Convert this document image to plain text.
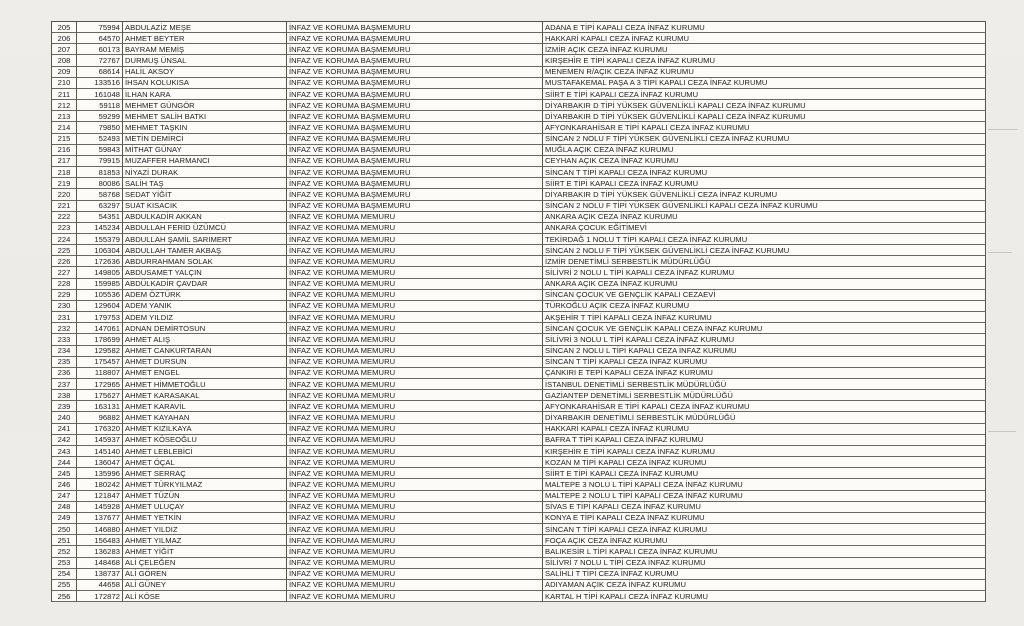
205	75994 ABDULAZİZ MEŞE	İNFAZ VE KORUMA BAŞMEMURU	ADANA E TİPİ KAPALI CEZA İNFAZ KURUMU
206	64570 AHMET BEYTER	İNFAZ VE KORUMA BAŞMEMURU	HAKKARİ KAPALI CEZA İNFAZ KURUMU
207	60173 BAYRAM MEMİŞ	İNFAZ VE KORUMA BAŞMEMURU	İZMİR AÇIK CEZA İNFAZ KURUMU
208	72767 DURMUŞ ÜNSAL	İNFAZ VE KORUMA BAŞMEMURU	KIRŞEHİR E TİPİ KAPALI CEZA İNFAZ KURUMU
209	68614 HALİL AKSOY	İNFAZ VE KORUMA BAŞMEMURU	MENEMEN R/AÇIK CEZA İNFAZ KURUMU
210	133516 İHSAN KOLUKISA	İNFAZ VE KORUMA BAŞMEMURU	MUSTAFAKEMAL PAŞA A 3 TİPİ KAPALI CEZA İNFAZ KURUMU
211	161048 İLHAN KARA	İNFAZ VE KORUMA BAŞMEMURU	SİİRT E TİPİ KAPALI CEZA İNFAZ KURUMU
212	59118 MEHMET GÜNGÖR	İNFAZ VE KORUMA BAŞMEMURU	DİYARBAKIR D TİPİ YÜKSEK GÜVENLİKLİ KAPALI CEZA İNFAZ KURUMU
213	59299 MEHMET SALİH BATKI	İNFAZ VE KORUMA BAŞMEMURU	DİYARBAKIR D TİPİ YÜKSEK GÜVENLİKLİ KAPALI CEZA İNFAZ KURUMU
214	79850 MEHMET TAŞKIN	İNFAZ VE KORUMA BAŞMEMURU	AFYONKARAHİSAR E TİPİ KAPALI CEZA İNFAZ KURUMU
215	52493 METİN DEMİRCİ	İNFAZ VE KORUMA BAŞMEMURU	SİNCAN 2 NOLU F TİPİ YÜKSEK GÜVENLİKLİ CEZA İNFAZ KURUMU
216	59843 MİTHAT GÜNAY	İNFAZ VE KORUMA BAŞMEMURU	MUĞLA AÇIK CEZA İNFAZ KURUMU
217	79915 MUZAFFER HARMANCI	İNFAZ VE KORUMA BAŞMEMURU	CEYHAN AÇIK CEZA İNFAZ KURUMU
218	81853 NİYAZİ DURAK	İNFAZ VE KORUMA BAŞMEMURU	SİNCAN T TİPİ KAPALI CEZA İNFAZ KURUMU
219	80086 SALİH TAŞ	İNFAZ VE KORUMA BAŞMEMURU	SİİRT E TİPİ KAPALI CEZA İNFAZ KURUMU
220	58768 SEDAT YİĞİT	İNFAZ VE KORUMA BAŞMEMURU	DİYARBAKIR D TİPİ YÜKSEK GÜVENLİKLİ CEZA İNFAZ KURUMU
221	63297 SUAT KISACIK	İNFAZ VE KORUMA BAŞMEMURU	SİNCAN 2 NOLU F TİPİ YÜKSEK GÜVENLİKLİ KAPALI CEZA İNFAZ KURUMU
222	54351 ABDULKADİR AKKAN	İNFAZ VE KORUMA MEMURU	ANKARA AÇIK CEZA İNFAZ KURUMU
223	145234 ABDULLAH FERİD ÜZÜMCÜ	İNFAZ VE KORUMA MEMURU	ANKARA ÇOCUK EĞİTİMEVİ
224	155379 ABDULLAH ŞAMİL SARIMERT	İNFAZ VE KORUMA MEMURU	TEKİRDAĞ 1 NOLU T TİPİ KAPALI CEZA İNFAZ KURUMU
225	106304 ABDULLAH TAMER AKBAŞ	İNFAZ VE KORUMA MEMURU	SİNCAN 2 NOLU F TİPİ YÜKSEK GÜVENLİKLİ CEZA İNFAZ KURUMU
226	172636 ABDURRAHMAN SOLAK	İNFAZ VE KORUMA MEMURU	İZMİR DENETİMLİ SERBESTLİK MÜDÜRLÜĞÜ
227	149805 ABDUSAMET YALÇIN	İNFAZ VE KORUMA MEMURU	SİLİVRİ 2 NOLU L TİPİ KAPALI CEZA İNFAZ KURUMU
228	159985 ABDÜLKADİR ÇAVDAR	İNFAZ VE KORUMA MEMURU	ANKARA AÇIK CEZA İNFAZ KURUMU
229	105536 ADEM ÖZTÜRK	İNFAZ VE KORUMA MEMURU	SİNCAN ÇOCUK VE GENÇLİK KAPALI CEZAEVİ
230	129604 ADEM YANIK	İNFAZ VE KORUMA MEMURU	TÜRKOĞLU AÇIK CEZA İNFAZ KURUMU
231	179753 ADEM YILDIZ	İNFAZ VE KORUMA MEMURU	AKŞEHİR T TİPİ KAPALI CEZA İNFAZ KURUMU
232	147061 ADNAN DEMİRTOSUN	İNFAZ VE KORUMA MEMURU	SİNCAN ÇOCUK VE GENÇLİK KAPALI CEZA İNFAZ KURUMU
233	178699 AHMET ALIŞ	İNFAZ VE KORUMA MEMURU	SİLİVRİ 3 NOLU L TİPİ KAPALI CEZA İNFAZ KURUMU
234	129582 AHMET CANKURTARAN	İNFAZ VE KORUMA MEMURU	SİNCAN 2 NOLU L TİPİ KAPALI CEZA İNFAZ KURUMU
235	175457 AHMET DURSUN	İNFAZ VE KORUMA MEMURU	SİNCAN T TİPİ KAPALI CEZA İNFAZ KURUMU
236	118807 AHMET ENGEL	İNFAZ VE KORUMA MEMURU	ÇANKIRI E TEPİ KAPALI CEZA İNFAZ KURUMU
237	172965 AHMET HİMMETOĞLU	İNFAZ VE KORUMA MEMURU	İSTANBUL DENETİMLİ SERBESTLİK MÜDÜRLÜĞÜ
238	175627 AHMET KARASAKAL	İNFAZ VE KORUMA MEMURU	GAZİANTEP DENETİMLİ SERBESTLİK MÜDÜRLÜĞÜ
239	163131 AHMET KARAVİL	İNFAZ VE KORUMA MEMURU	AFYONKARAHİSAR E TİPİ KAPALI CEZA İNFAZ KURUMU
240	96882 AHMET KAYAHAN	İNFAZ VE KORUMA MEMURU	DİYARBAKIR DENETİMLİ SERBESTLİK MÜDÜRLÜĞÜ
241	176320 AHMET KIZILKAYA	İNFAZ VE KORUMA MEMURU	HAKKARİ KAPALI CEZA İNFAZ KURUMU
242	145937 AHMET KÖSEOĞLU	İNFAZ VE KORUMA MEMURU	BAFRA T TİPİ KAPALI CEZA İNFAZ KURUMU
243	145140 AHMET LEBLEBİCİ	İNFAZ VE KORUMA MEMURU	KIRŞEHİR E TİPİ KAPALI CEZA İNFAZ KURUMU
244	136047 AHMET ÖÇAL	İNFAZ VE KORUMA MEMURU	KOZAN M TİPİ KAPALI CEZA İNFAZ KURUMU
245	135996 AHMET SERRAÇ	İNFAZ VE KORUMA MEMURU	SİİRT E TİPİ KAPALI CEZA İNFAZ KURUMU
246	180242 AHMET TÜRKYILMAZ	İNFAZ VE KORUMA MEMURU	MALTEPE 3 NOLU L TİPİ KAPALI CEZA İNFAZ KURUMU
247	121847 AHMET TÜZÜN	İNFAZ VE KORUMA MEMURU	MALTEPE 2 NOLU L TİPİ KAPALI CEZA İNFAZ KURUMU
248	145928 AHMET ULUÇAY	İNFAZ VE KORUMA MEMURU	SİVAS E TİPİ KAPALI CEZA İNFAZ KURUMU
249	137677 AHMET YETKİN	İNFAZ VE KORUMA MEMURU	KONYA E TİPİ KAPALI CEZA İNFAZ KURUMU
250	146880 AHMET YILDIZ	İNFAZ VE KORUMA MEMURU	SİNCAN T TİPİ KAPALI CEZA İNFAZ KURUMU
251	156483 AHMET YILMAZ	İNFAZ VE KORUMA MEMURU	FOÇA AÇIK CEZA İNFAZ KURUMU
252	136283 AHMET YİĞİT	İNFAZ VE KORUMA MEMURU	BALIKESİR L TİPİ KAPALI CEZA İNFAZ KURUMU
253	148468 ALİ ÇELEĞEN	İNFAZ VE KORUMA MEMURU	SİLİVRİ 7 NOLU L TİPİ CEZA İNFAZ KURUMU
254	138737 ALİ GÖREN	İNFAZ VE KORUMA MEMURU	SALİHLİ T TİPİ CEZA İNFAZ KURUMU
255	44658 ALİ GÜNEY	İNFAZ VE KORUMA MEMURU	ADIYAMAN AÇIK CEZA İNFAZ KURUMU
256	172872 ALİ KÖSE	İNFAZ VE KORUMA MEMURU	KARTAL H TİPİ KAPALI CEZA İNFAZ KURUMU
